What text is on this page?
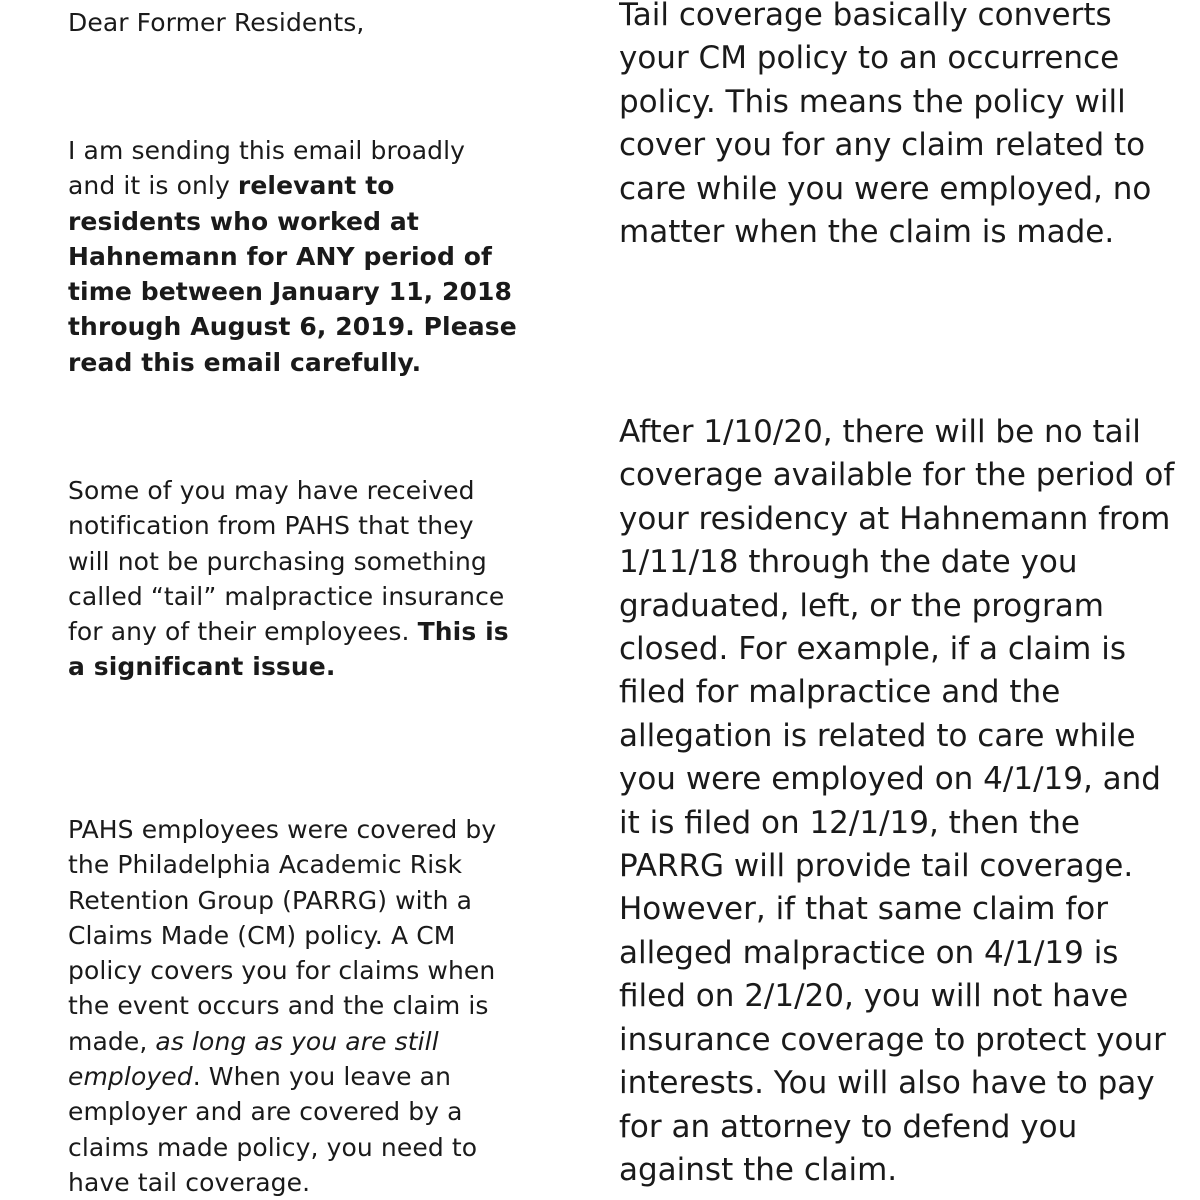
Dear Former Residents,

I am sending this email broadly and it is only relevant to residents who worked at Hahnemann for ANY period of time between January 11, 2018 through August 6, 2019. Please read this email carefully.

Some of you may have received notification from PAHS that they will not be purchasing something called “tail” malpractice insurance for any of their employees. This is a significant issue.

PAHS employees were covered by the Philadelphia Academic Risk Retention Group (PARRG) with a Claims Made (CM) policy. A CM policy covers you for claims when the event occurs and the claim is made, as long as you are still employed. When you leave an employer and are covered by a claims made policy, you need to have tail coverage.

Tail coverage basically converts your CM policy to an occurrence policy. This means the policy will cover you for any claim related to care while you were employed, no matter when the claim is made.

After 1/10/20, there will be no tail coverage available for the period of your residency at Hahnemann from 1/11/18 through the date you graduated, left, or the program closed. For example, if a claim is filed for malpractice and the allegation is related to care while you were employed on 4/1/19, and it is filed on 12/1/19, then the PARRG will provide tail coverage. However, if that same claim for alleged malpractice on 4/1/19 is filed on 2/1/20, you will not have insurance coverage to protect your interests. You will also have to pay for an attorney to defend you against the claim.
